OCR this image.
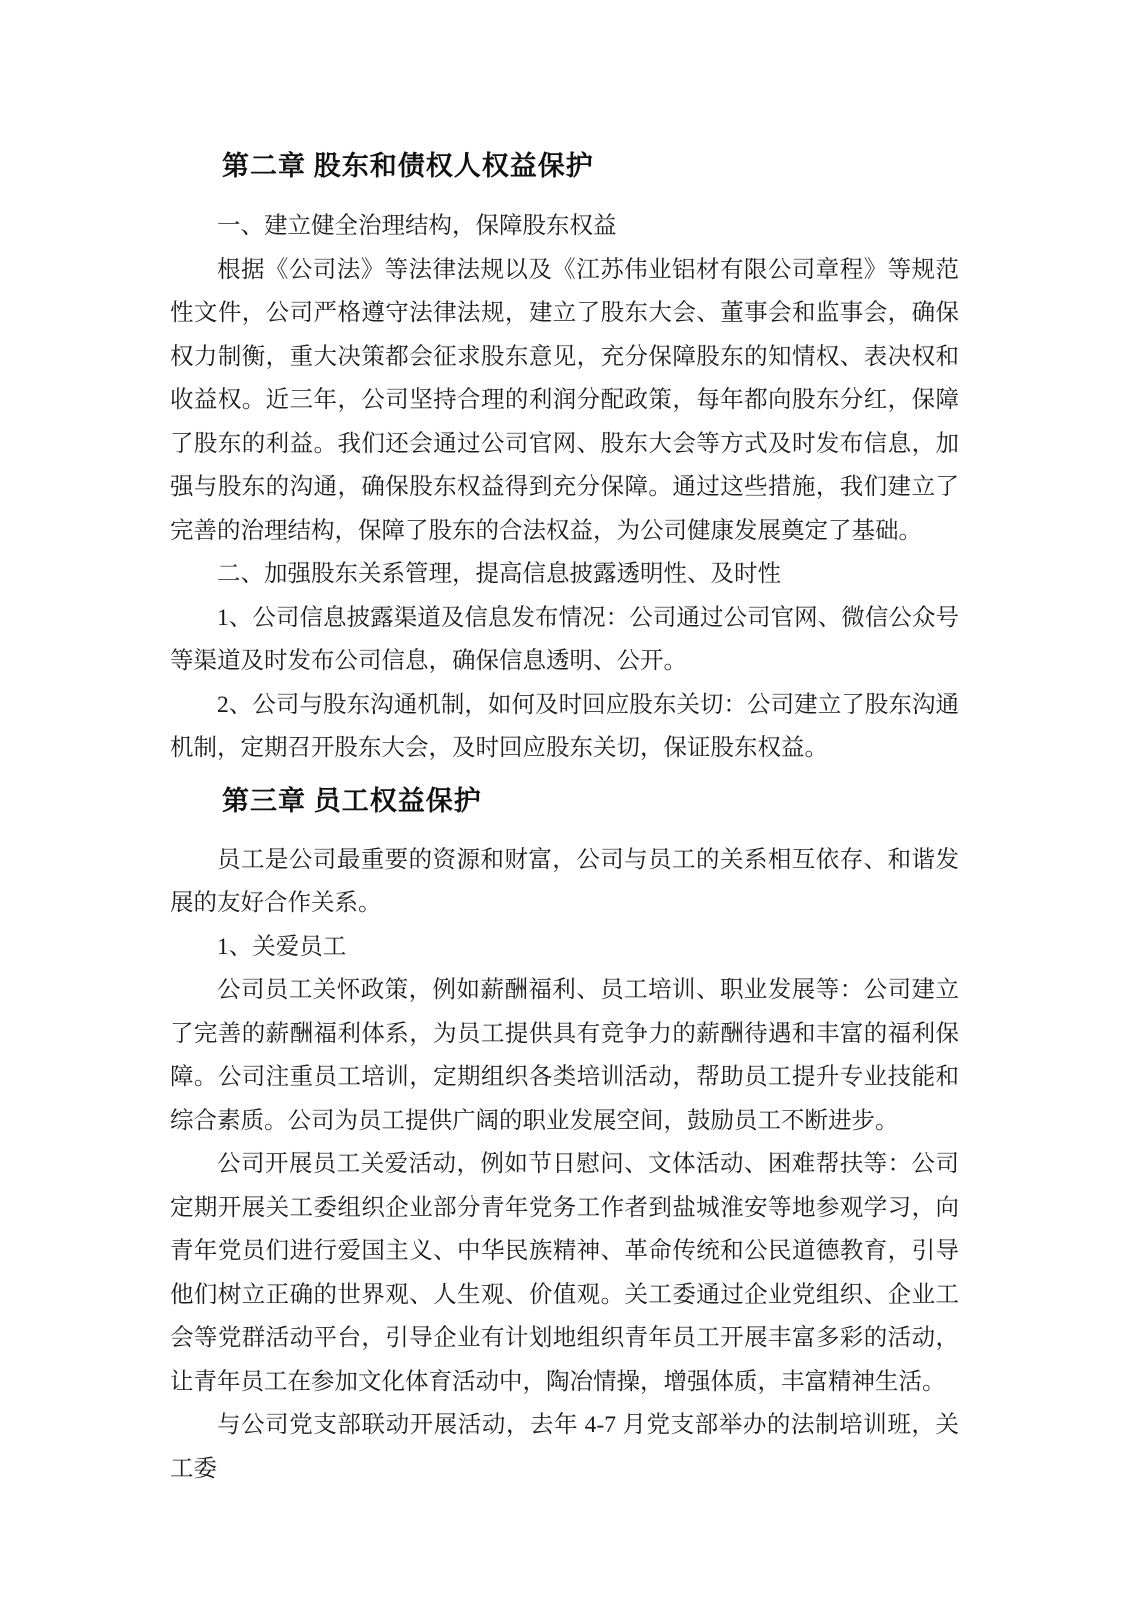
第二章 股东和债权人权益保护

一、建立健全治理结构，保障股东权益

根据《公司法》等法律法规以及《江苏伟业铝材有限公司章程》等规范性文件，公司严格遵守法律法规，建立了股东大会、董事会和监事会，确保权力制衡，重大决策都会征求股东意见，充分保障股东的知情权、表决权和收益权。近三年，公司坚持合理的利润分配政策，每年都向股东分红，保障了股东的利益。我们还会通过公司官网、股东大会等方式及时发布信息，加强与股东的沟通，确保股东权益得到充分保障。通过这些措施，我们建立了完善的治理结构，保障了股东的合法权益，为公司健康发展奠定了基础。

二、加强股东关系管理，提高信息披露透明性、及时性

1、公司信息披露渠道及信息发布情况：公司通过公司官网、微信公众号等渠道及时发布公司信息，确保信息透明、公开。

2、公司与股东沟通机制，如何及时回应股东关切：公司建立了股东沟通机制，定期召开股东大会，及时回应股东关切，保证股东权益。

第三章 员工权益保护

员工是公司最重要的资源和财富，公司与员工的关系相互依存、和谐发展的友好合作关系。

1、关爱员工

公司员工关怀政策，例如薪酬福利、员工培训、职业发展等：公司建立了完善的薪酬福利体系，为员工提供具有竞争力的薪酬待遇和丰富的福利保障。公司注重员工培训，定期组织各类培训活动，帮助员工提升专业技能和综合素质。公司为员工提供广阔的职业发展空间，鼓励员工不断进步。

公司开展员工关爱活动，例如节日慰问、文体活动、困难帮扶等：公司定期开展关工委组织企业部分青年党务工作者到盐城淮安等地参观学习，向青年党员们进行爱国主义、中华民族精神、革命传统和公民道德教育，引导他们树立正确的世界观、人生观、价值观。关工委通过企业党组织、企业工会等党群活动平台，引导企业有计划地组织青年员工开展丰富多彩的活动，让青年员工在参加文化体育活动中，陶冶情操，增强体质，丰富精神生活。

与公司党支部联动开展活动，去年 4-7 月党支部举办的法制培训班，关工委
